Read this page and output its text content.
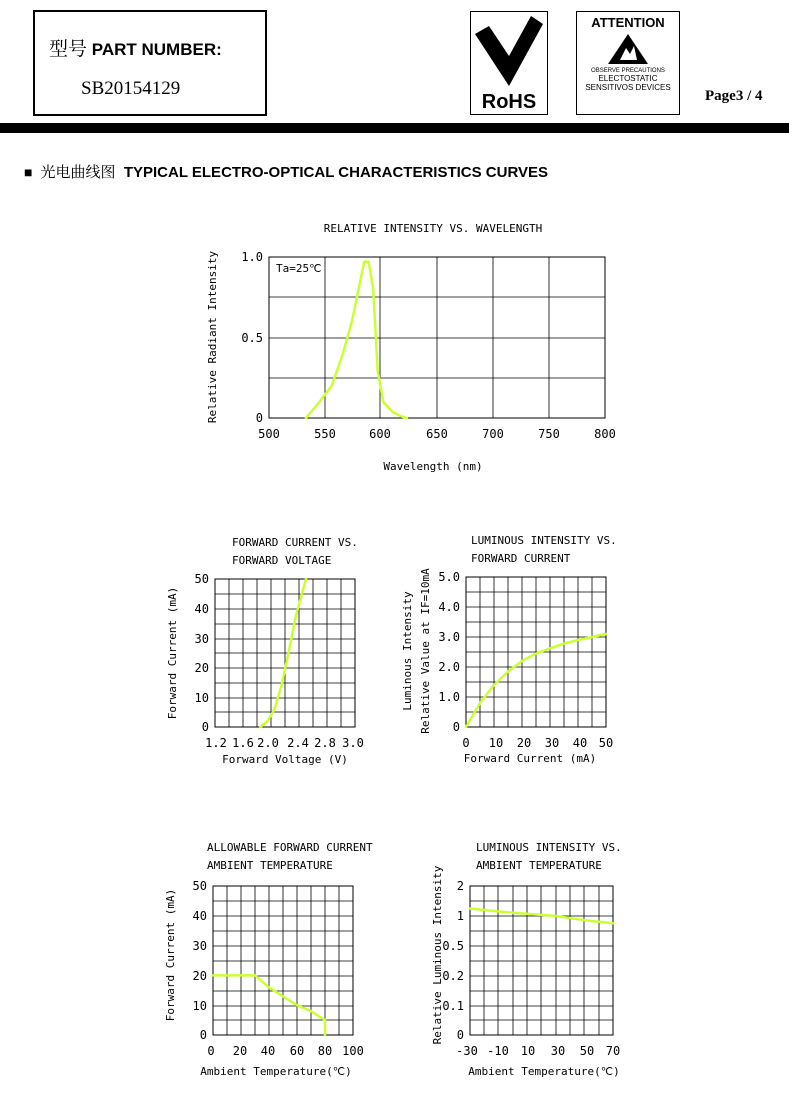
型号 PART NUMBER:
SB20154129
RoHS
ATTENTION
OBSERVE PRECAUTIONS
ELECTOSTATIC
SENSITIVOS DEVICES
Page3 / 4
■ 光电曲线图 TYPICAL ELECTRO-OPTICAL CHARACTERISTICS CURVES
RELATIVE INTENSITY VS. WAVELENGTH
500	550	600	650	700	750	800
0
0.5
1.0
Wavelength (nm)
Relative Radiant Intensity	Ta=25℃
FORWARD CURRENT VS.
FORWARD VOLTAGE
1.2 1.6 2.0 2.4 2.8 3.0
0
10
20
30
40
50
Forward Voltage (V)
Forward Current (mA)
LUMINOUS INTENSITY VS.
FORWARD CURRENT
0 10 20 30 40 50
0
1.0
2.0
3.0
4.0
5.0
Forward Current (mA)
Luminous Intensity Relative Value at IF=10mA
ALLOWABLE FORWARD CURRENT
AMBIENT TEMPERATURE
0 20 40 60 80 100
0
10
20
30
40
50
Ambient Temperature(℃)
Forward Current (mA)
LUMINOUS INTENSITY VS.
AMBIENT TEMPERATURE
-30 -10 10 30 50 70
0
0.1
0.2
0.5
1
2
Ambient Temperature(℃)
Relative Luminous Intensity
